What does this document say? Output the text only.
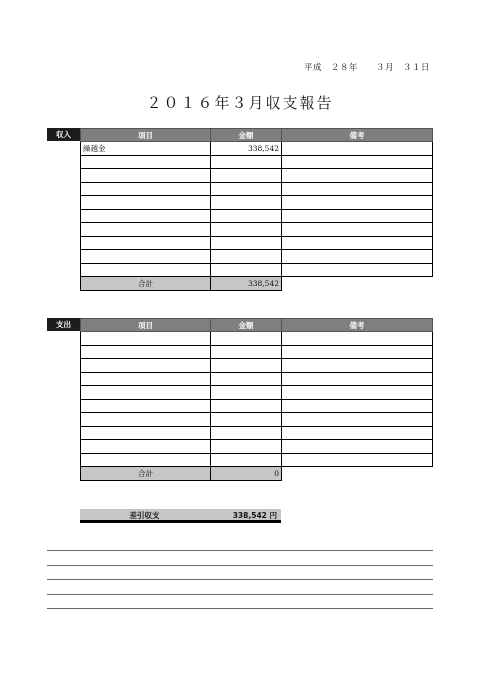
平成　２８年　　３月　３１日
２０１６年３月収支報告
収入	項目	金額	備考
繰越金	338,542	

合計	338,542	
支出	項目	金額	備考

合計	0	
差引収支	338,542 円
